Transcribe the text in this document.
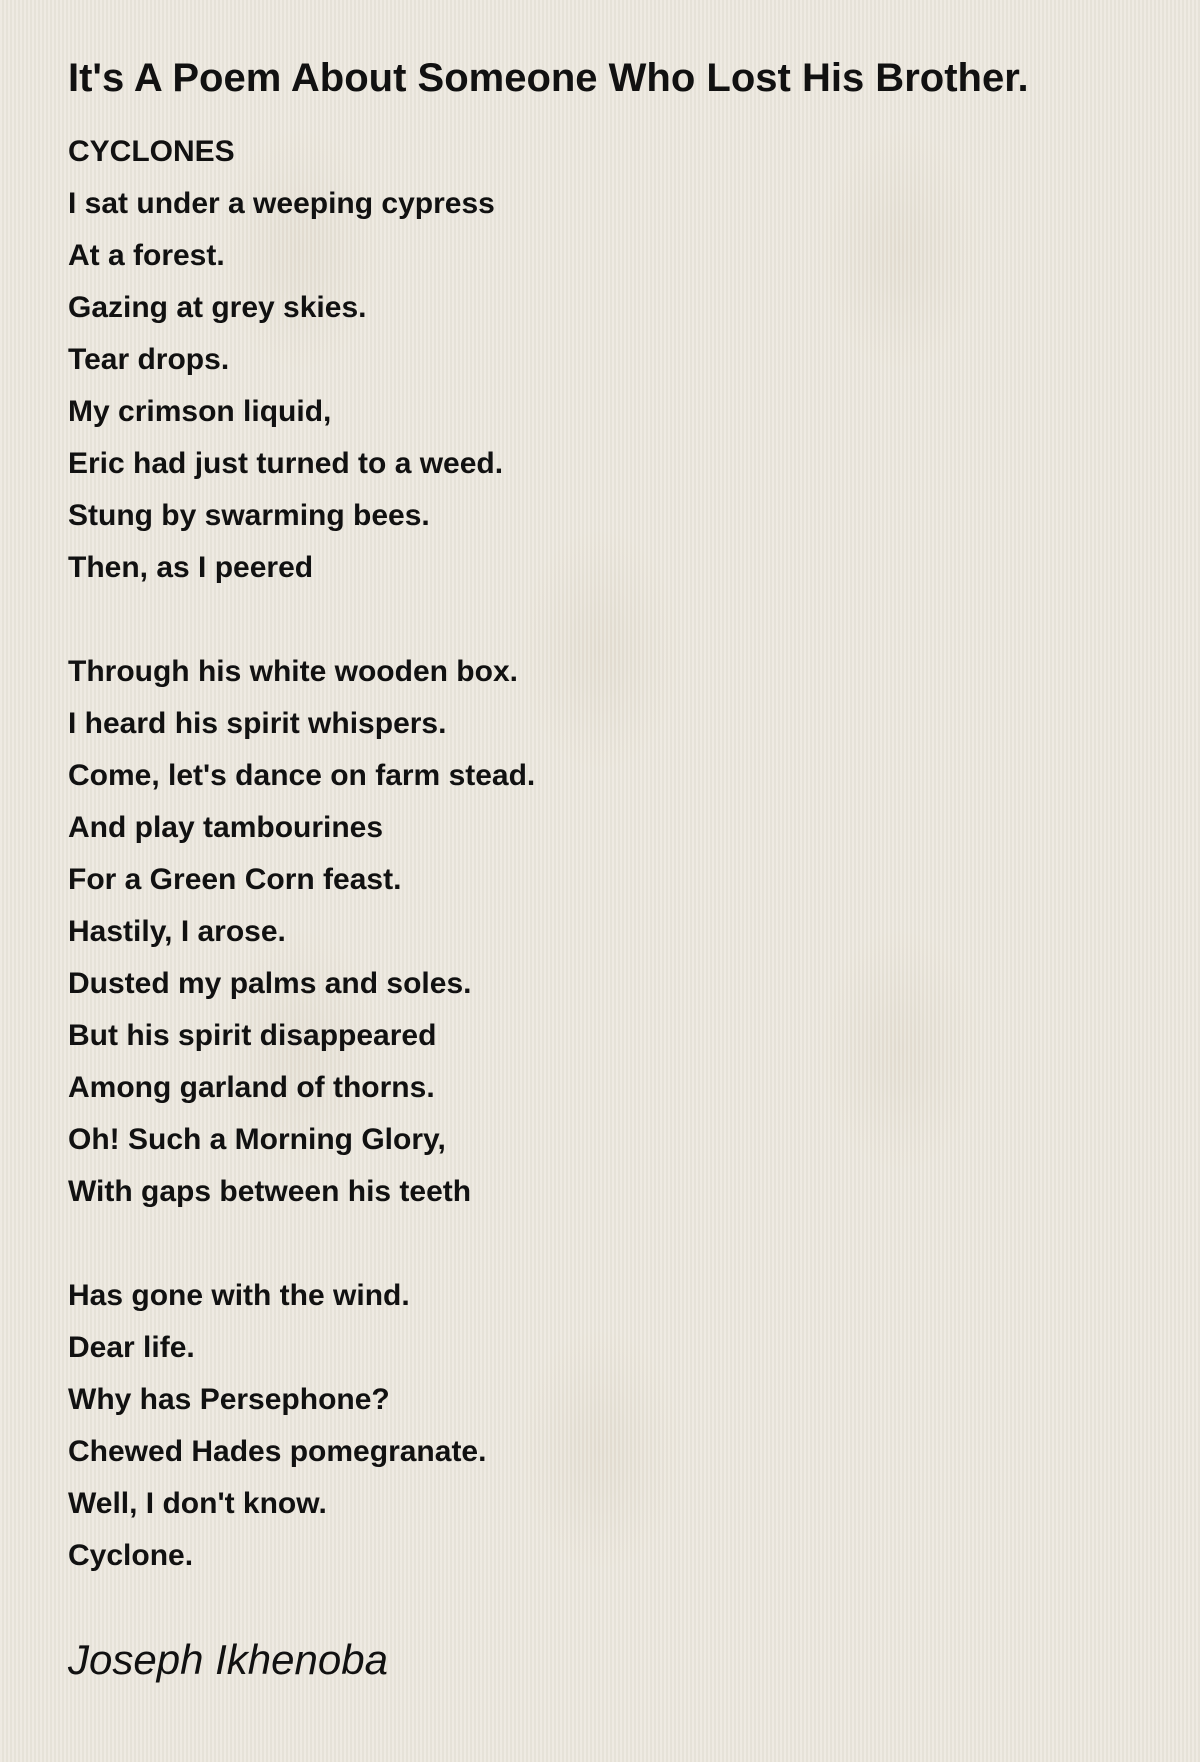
It's A Poem About Someone Who Lost His Brother.
CYCLONES
I sat under a weeping cypress
At a forest.
Gazing at grey skies.
Tear drops.
My crimson liquid,
Eric had just turned to a weed.
Stung by swarming bees.
Then, as I peered
Through his white wooden box.
I heard his spirit whispers.
Come, let's dance on farm stead.
And play tambourines
For a Green Corn feast.
Hastily, I arose.
Dusted my palms and soles.
But his spirit disappeared
Among garland of thorns.
Oh! Such a Morning Glory,
With gaps between his teeth
Has gone with the wind.
Dear life.
Why has Persephone?
Chewed Hades pomegranate.
Well, I don't know.
Cyclone.
Joseph Ikhenoba
